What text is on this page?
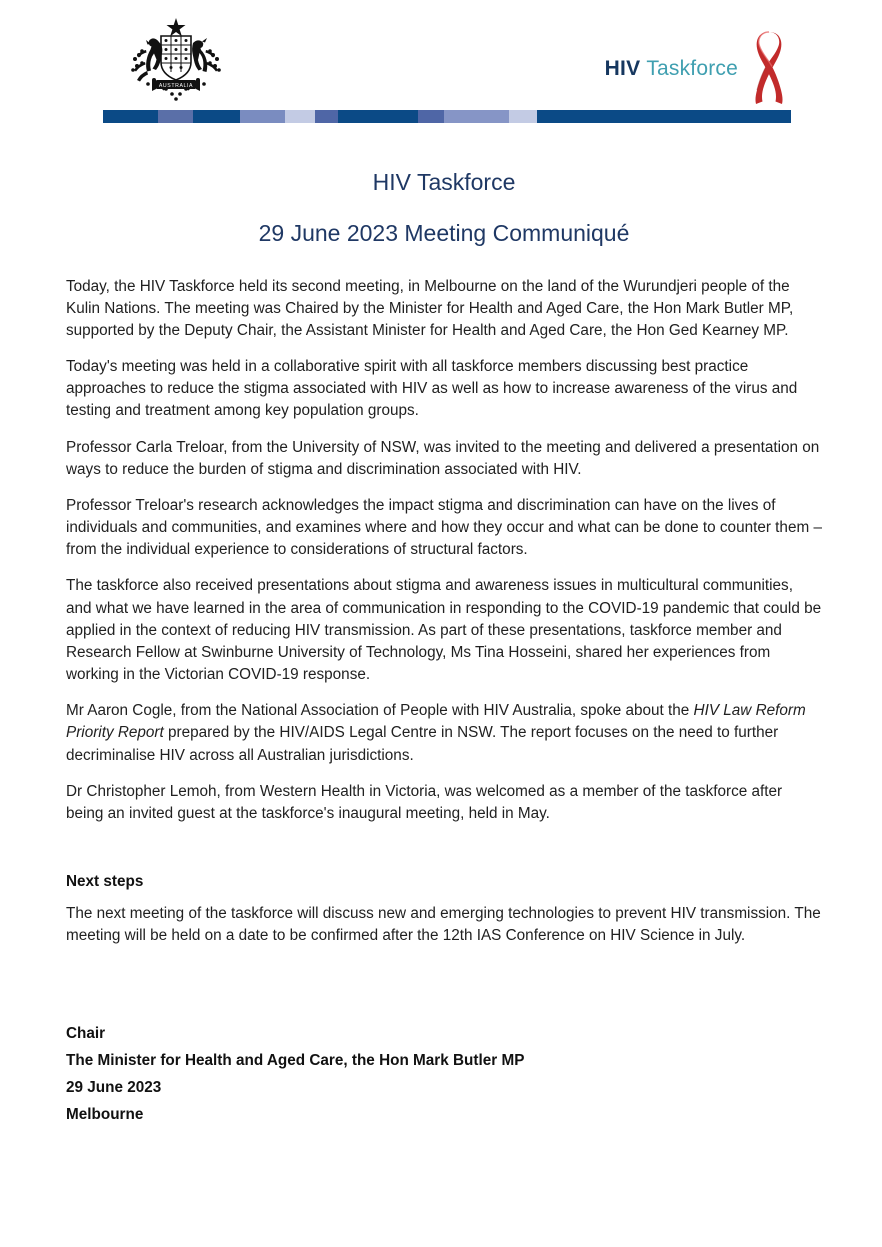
AUSTRALIA
HIV Taskforce
HIV Taskforce
29 June 2023 Meeting Communiqué

Today, the HIV Taskforce held its second meeting, in Melbourne on the land of the Wurundjeri people of the Kulin Nations. The meeting was Chaired by the Minister for Health and Aged Care, the Hon Mark Butler MP, supported by the Deputy Chair, the Assistant Minister for Health and Aged Care, the Hon Ged Kearney MP.

Today's meeting was held in a collaborative spirit with all taskforce members discussing best practice approaches to reduce the stigma associated with HIV as well as how to increase awareness of the virus and testing and treatment among key population groups.

Professor Carla Treloar, from the University of NSW, was invited to the meeting and delivered a presentation on ways to reduce the burden of stigma and discrimination associated with HIV.

Professor Treloar's research acknowledges the impact stigma and discrimination can have on the lives of individuals and communities, and examines where and how they occur and what can be done to counter them – from the individual experience to considerations of structural factors.

The taskforce also received presentations about stigma and awareness issues in multicultural communities, and what we have learned in the area of communication in responding to the COVID-19 pandemic that could be applied in the context of reducing HIV transmission. As part of these presentations, taskforce member and Research Fellow at Swinburne University of Technology, Ms Tina Hosseini, shared her experiences from working in the Victorian COVID-19 response.

Mr Aaron Cogle, from the National Association of People with HIV Australia, spoke about the HIV Law Reform Priority Report prepared by the HIV/AIDS Legal Centre in NSW. The report focuses on the need to further decriminalise HIV across all Australian jurisdictions.

Dr Christopher Lemoh, from Western Health in Victoria, was welcomed as a member of the taskforce after being an invited guest at the taskforce's inaugural meeting, held in May.

Next steps

The next meeting of the taskforce will discuss new and emerging technologies to prevent HIV transmission. The meeting will be held on a date to be confirmed after the 12th IAS Conference on HIV Science in July.

Chair
The Minister for Health and Aged Care, the Hon Mark Butler MP
29 June 2023
Melbourne
